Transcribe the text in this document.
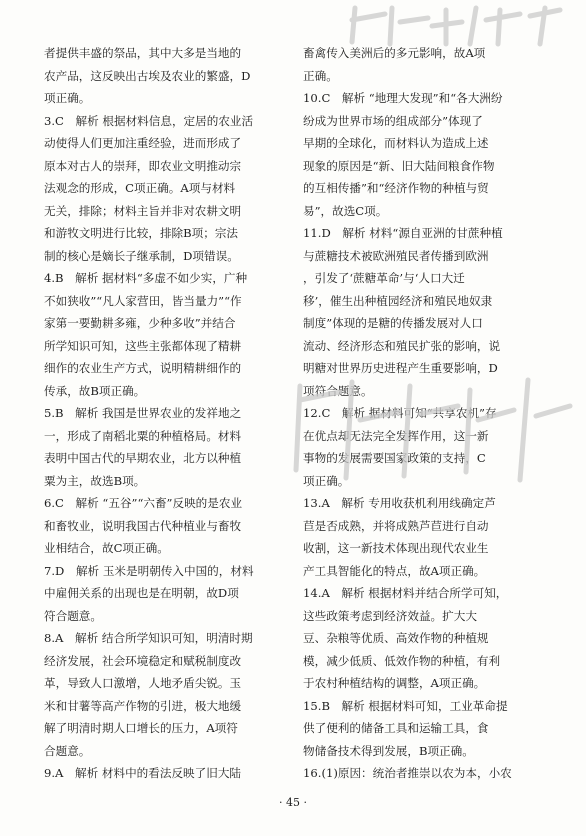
者提供丰盛的祭品，其中大多是当地的
农产品，这反映出古埃及农业的繁盛，D
项正确。
3.C　解析 根据材料信息，定居的农业活
动使得人们更加注重经验，进而形成了
原本对古人的崇拜，即农业文明推动宗
法观念的形成，C项正确。A项与材料
无关，排除；材料主旨并非对农耕文明
和游牧文明进行比较，排除B项；宗法
制的核心是嫡长子继承制，D项错误。
4.B　解析 据材料“多虚不如少实，广种
不如狭收”“凡人家营田，皆当量力”“作
家第一要勤耕多雍，少种多收”并结合
所学知识可知，这些主张都体现了精耕
细作的农业生产方式，说明精耕细作的
传承，故B项正确。
5.B　解析 我国是世界农业的发祥地之
一，形成了南稻北粟的种植格局。材料
表明中国古代的早期农业，北方以种植
粟为主，故选B项。
6.C　解析 “五谷”“六畜”反映的是农业
和畜牧业，说明我国古代种植业与畜牧
业相结合，故C项正确。
7.D　解析 玉米是明朝传入中国的，材料
中雇佣关系的出现也是在明朝，故D项
符合题意。
8.A　解析 结合所学知识可知，明清时期
经济发展，社会环境稳定和赋税制度改
革，导致人口激增，人地矛盾尖锐。玉
米和甘薯等高产作物的引进，极大地缓
解了明清时期人口增长的压力，A项符
合题意。
9.A　解析 材料中的看法反映了旧大陆
畜禽传入美洲后的多元影响，故A项
正确。
10.C　解析 “地理大发现”和“各大洲纷
纷成为世界市场的组成部分”体现了
早期的全球化，而材料认为造成上述
现象的原因是“新、旧大陆间粮食作物
的互相传播”和“经济作物的种植与贸
易”，故选C项。
11.D　解析 材料“源自亚洲的甘蔗种植
与蔗糖技术被欧洲殖民者传播到欧洲
，引发了‘蔗糖革命’与‘人口大迁
移’，催生出种植园经济和殖民地奴隶
制度”体现的是糖的传播发展对人口
流动、经济形态和殖民扩张的影响，说
明糖对世界历史进程产生重要影响，D
项符合题意。
12.C　解析 据材料可知“共享农机”存
在优点却无法完全发挥作用，这一新
事物的发展需要国家政策的支持，C
项正确。
13.A　解析 专用收获机利用线确定芦
苣是否成熟，并将成熟芦苣进行自动
收割，这一新技术体现出现代农业生
产工具智能化的特点，故A项正确。
14.A　解析 根据材料并结合所学可知，
这些政策考虑到经济效益。扩大大
豆、杂粮等优质、高效作物的种植规
模，减少低质、低效作物的种植，有利
于农村种植结构的调整，A项正确。
15.B　解析 根据材料可知，工业革命提
供了便利的储备工具和运输工具，食
物储备技术得到发展，B项正确。
16.(1)原因：统治者推崇以农为本，小农
· 45 ·
